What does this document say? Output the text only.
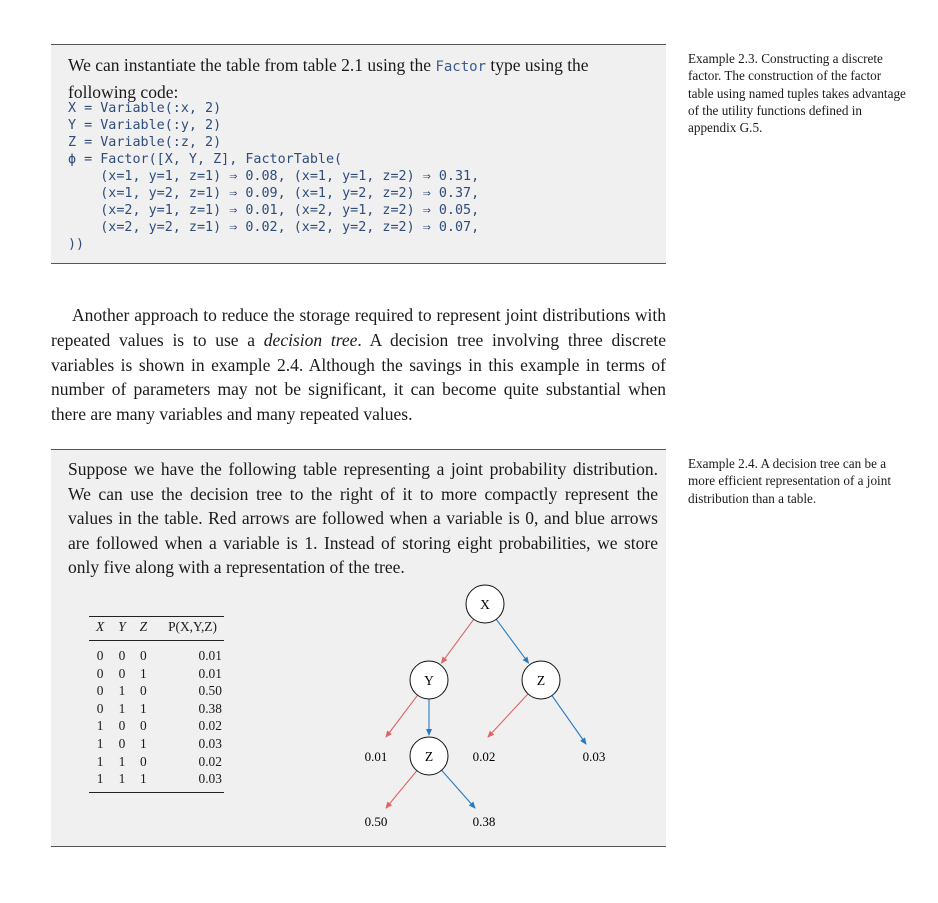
We can instantiate the table from table 2.1 using the Factor type using the following code:
X = Variable(:x, 2)
Y = Variable(:y, 2)
Z = Variable(:z, 2)
ϕ = Factor([X, Y, Z], FactorTable(
(x=1, y=1, z=1) ⇒ 0.08, (x=1, y=1, z=2) ⇒ 0.31,
(x=1, y=2, z=1) ⇒ 0.09, (x=1, y=2, z=2) ⇒ 0.37,
(x=2, y=1, z=1) ⇒ 0.01, (x=2, y=1, z=2) ⇒ 0.05,
(x=2, y=2, z=1) ⇒ 0.02, (x=2, y=2, z=2) ⇒ 0.07,
))
Example 2.3. Constructing a discrete factor. The construction of the factor table using named tuples takes advantage of the utility functions defined in appendix G.5.

Another approach to reduce the storage required to represent joint distributions with repeated values is to use a decision tree. A decision tree involving three discrete variables is shown in example 2.4. Although the savings in this example in terms of number of parameters may not be significant, it can become quite substantial when there are many variables and many repeated values.

Suppose we have the following table representing a joint probability distribution. We can use the decision tree to the right of it to more compactly represent the values in the table. Red arrows are followed when a variable is 0, and blue arrows are followed when a variable is 1. Instead of storing eight probabilities, we store only five along with a representation of the tree.
X	Y	Z	P(X,Y,Z)
0	0	0	0.01
0	0	1	0.01
0	1	0	0.50
0	1	1	0.38
1	0	0	0.02
1	0	1	0.03
1	1	0	0.02
1	1	1	0.03
Example 2.4. A decision tree can be a more efficient representation of a joint distribution than a table.
X
Y	Z
Z
0.01
0.50	0.38
0.02	0.03
